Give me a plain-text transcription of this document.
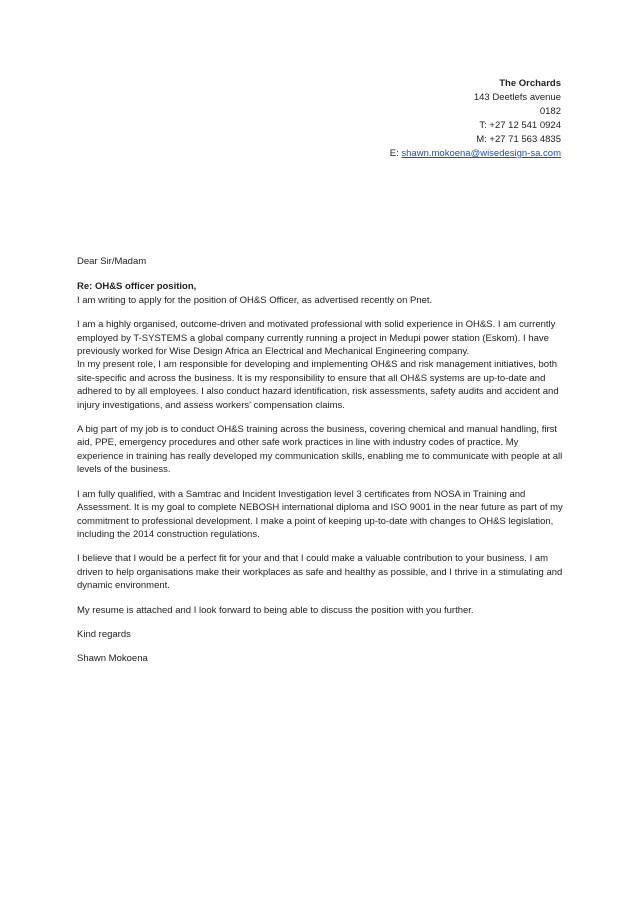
The Orchards
143 Deetlefs avenue
0182
T: +27 12 541 0924
M: +27 71 563 4835
E: shawn.mokoena@wisedesign-sa.com

Dear Sir/Madam

Re: OH&S officer position,

I am writing to apply for the position of OH&S Officer, as advertised recently on Pnet.

I am a highly organised, outcome-driven and motivated professional with solid experience in OH&S. I am currently employed by T-SYSTEMS a global company currently running a project in Medupi power station (Eskom). I have previously worked for Wise Design Africa an Electrical and Mechanical Engineering company.

In my present role, I am responsible for developing and implementing OH&S and risk management initiatives, both site-specific and across the business. It is my responsibility to ensure that all OH&S systems are up-to-date and adhered to by all employees. I also conduct hazard identification, risk assessments, safety audits and accident and injury investigations, and assess workers' compensation claims.

A big part of my job is to conduct OH&S training across the business, covering chemical and manual handling, first aid, PPE, emergency procedures and other safe work practices in line with industry codes of practice. My experience in training has really developed my communication skills, enabling me to communicate with people at all levels of the business.

I am fully qualified, with a Samtrac and Incident Investigation level 3 certificates from NOSA in Training and Assessment. It is my goal to complete NEBOSH international diploma and ISO 9001 in the near future as part of my commitment to professional development. I make a point of keeping up-to-date with changes to OH&S legislation, including the 2014 construction regulations.

I believe that I would be a perfect fit for your and that I could make a valuable contribution to your business. I am driven to help organisations make their workplaces as safe and healthy as possible, and I thrive in a stimulating and dynamic environment.

My resume is attached and I look forward to being able to discuss the position with you further.

Kind regards

Shawn Mokoena
